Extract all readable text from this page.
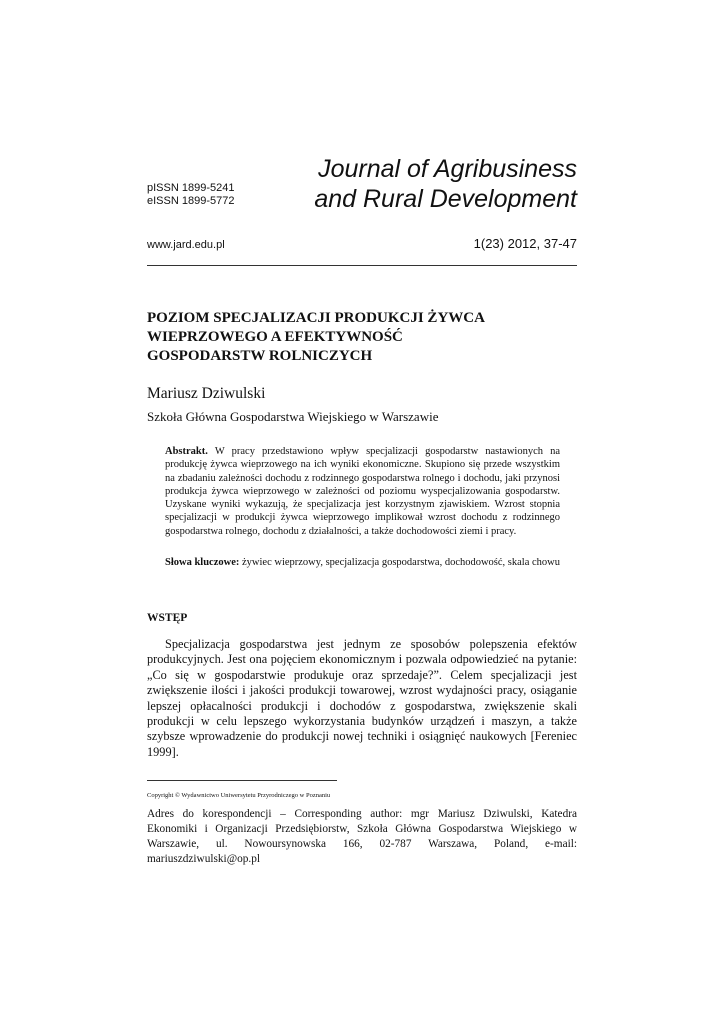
pISSN 1899-5241
eISSN 1899-5772
Journal of Agribusiness
and Rural Development
www.jard.edu.pl	1(23) 2012, 37-47
POZIOM SPECJALIZACJI PRODUKCJI ŻYWCA
WIEPRZOWEGO A EFEKTYWNOŚĆ
GOSPODARSTW ROLNICZYCH
Mariusz Dziwulski
Szkoła Główna Gospodarstwa Wiejskiego w Warszawie
Abstrakt. W pracy przedstawiono wpływ specjalizacji gospodarstw nastawionych na produkcję żywca wieprzowego na ich wyniki ekonomiczne. Skupiono się przede wszystkim na zbadaniu zależności dochodu z rodzinnego gospodarstwa rolnego i dochodu, jaki przynosi produkcja żywca wieprzowego w zależności od poziomu wyspecjalizowania gospodarstw. Uzyskane wyniki wykazują, że specjalizacja jest korzystnym zjawiskiem. Wzrost stopnia specjalizacji w produkcji żywca wieprzowego implikował wzrost dochodu z rodzinnego gospodarstwa rolnego, dochodu z działalności, a także dochodowości ziemi i pracy.
Słowa kluczowe: żywiec wieprzowy, specjalizacja gospodarstwa, dochodowość, skala chowu
WSTĘP
Specjalizacja gospodarstwa jest jednym ze sposobów polepszenia efektów produkcyjnych. Jest ona pojęciem ekonomicznym i pozwala odpowiedzieć na pytanie: „Co się w gospodarstwie produkuje oraz sprzedaje?”. Celem specjalizacji jest zwiększenie ilości i jakości produkcji towarowej, wzrost wydajności pracy, osiąganie lepszej opłacalności produkcji i dochodów z gospodarstwa, zwiększenie skali produkcji w celu lepszego wykorzystania budynków urządzeń i maszyn, a także szybsze wprowadzenie do produkcji nowej techniki i osiągnięć naukowych [Fereniec 1999].
Copyright © Wydawnictwo Uniwersytetu Przyrodniczego w Poznaniu
Adres do korespondencji – Corresponding author: mgr Mariusz Dziwulski, Katedra Ekonomiki i Organizacji Przedsiębiorstw, Szkoła Główna Gospodarstwa Wiejskiego w Warszawie, ul. Nowoursynowska 166, 02-787 Warszawa, Poland, e-mail: mariuszdziwulski@op.pl
